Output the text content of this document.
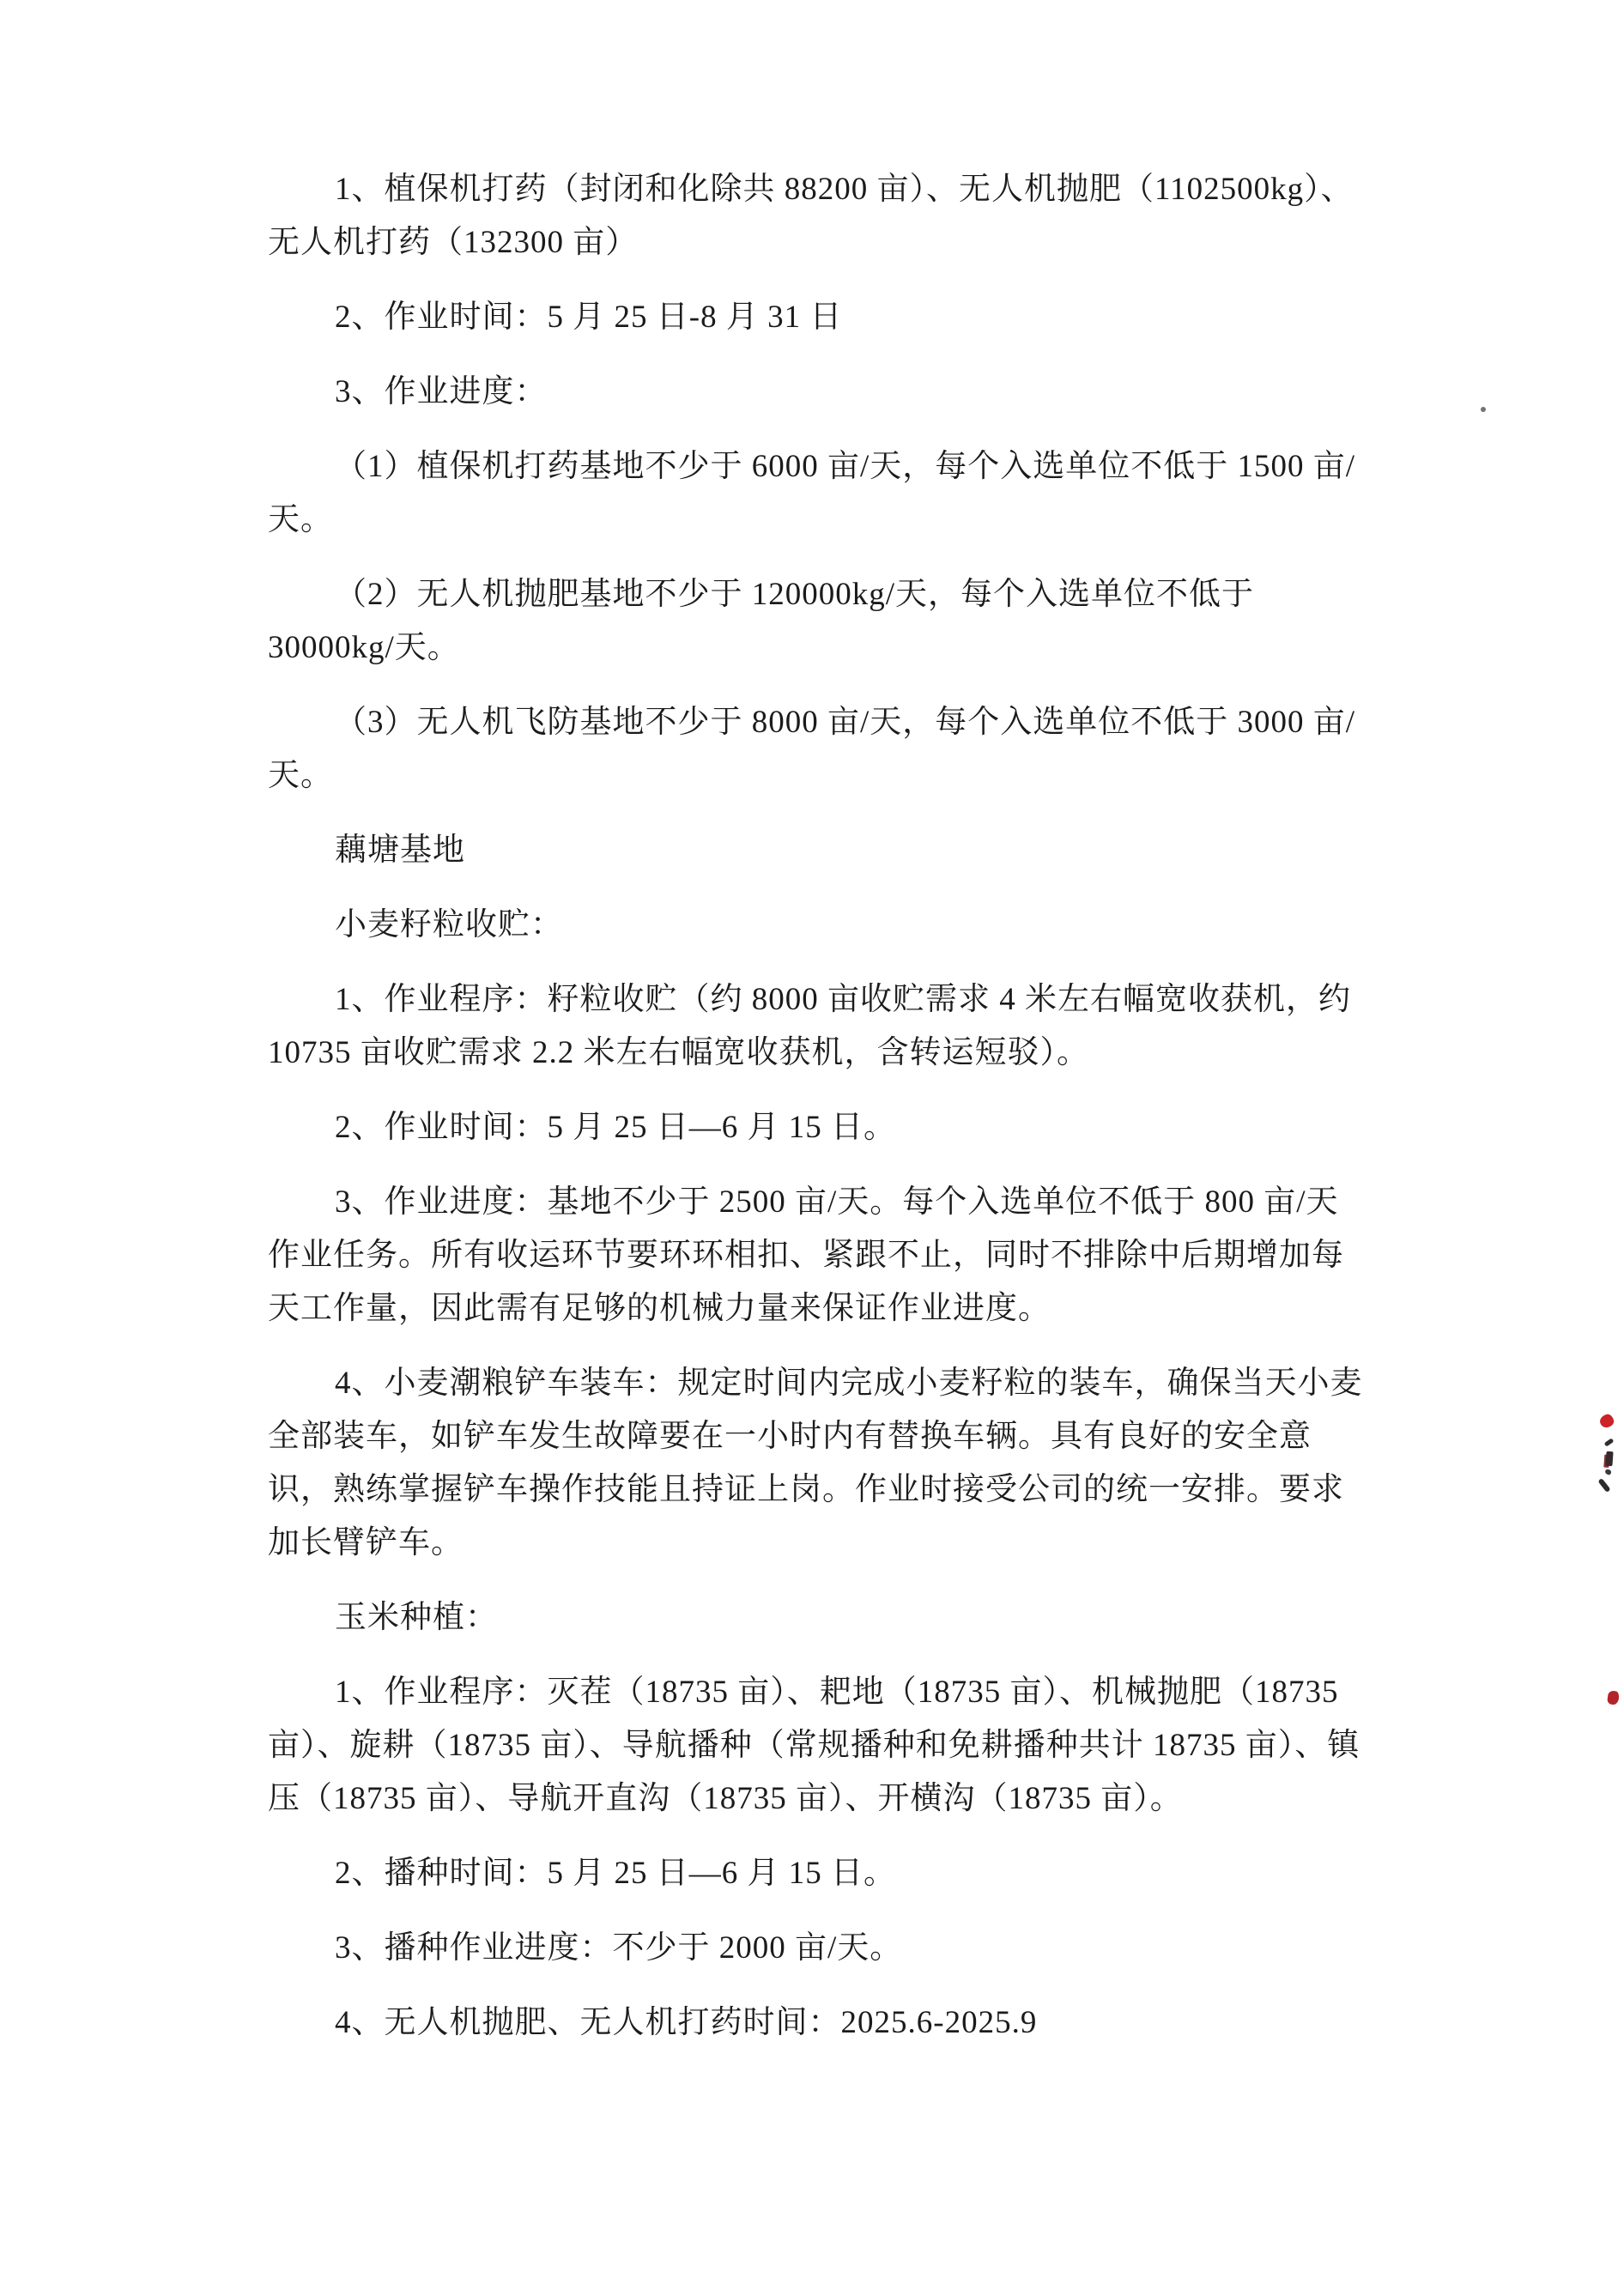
1、植保机打药（封闭和化除共 88200 亩）、无人机抛肥（1102500kg）、
无人机打药（132300 亩）
2、作业时间：5 月 25 日-8 月 31 日
3、作业进度：
（1）植保机打药基地不少于 6000 亩/天，每个入选单位不低于 1500 亩/
天。
（2）无人机抛肥基地不少于 120000kg/天，每个入选单位不低于
30000kg/天。
（3）无人机飞防基地不少于 8000 亩/天，每个入选单位不低于 3000 亩/
天。
藕塘基地
小麦籽粒收贮：
1、作业程序：籽粒收贮（约 8000 亩收贮需求 4 米左右幅宽收获机，约
10735 亩收贮需求 2.2 米左右幅宽收获机，含转运短驳）。
2、作业时间：5 月 25 日—6 月 15 日。
3、作业进度：基地不少于 2500 亩/天。每个入选单位不低于 800 亩/天
作业任务。所有收运环节要环环相扣、紧跟不止，同时不排除中后期增加每
天工作量，因此需有足够的机械力量来保证作业进度。
4、小麦潮粮铲车装车：规定时间内完成小麦籽粒的装车，确保当天小麦
全部装车，如铲车发生故障要在一小时内有替换车辆。具有良好的安全意
识，熟练掌握铲车操作技能且持证上岗。作业时接受公司的统一安排。要求
加长臂铲车。
玉米种植：
1、作业程序：灭茬（18735 亩）、耙地（18735 亩）、机械抛肥（18735
亩）、旋耕（18735 亩）、导航播种（常规播种和免耕播种共计 18735 亩）、镇
压（18735 亩）、导航开直沟（18735 亩）、开横沟（18735 亩）。
2、播种时间：5 月 25 日—6 月 15 日。
3、播种作业进度：不少于 2000 亩/天。
4、无人机抛肥、无人机打药时间：2025.6-2025.9
